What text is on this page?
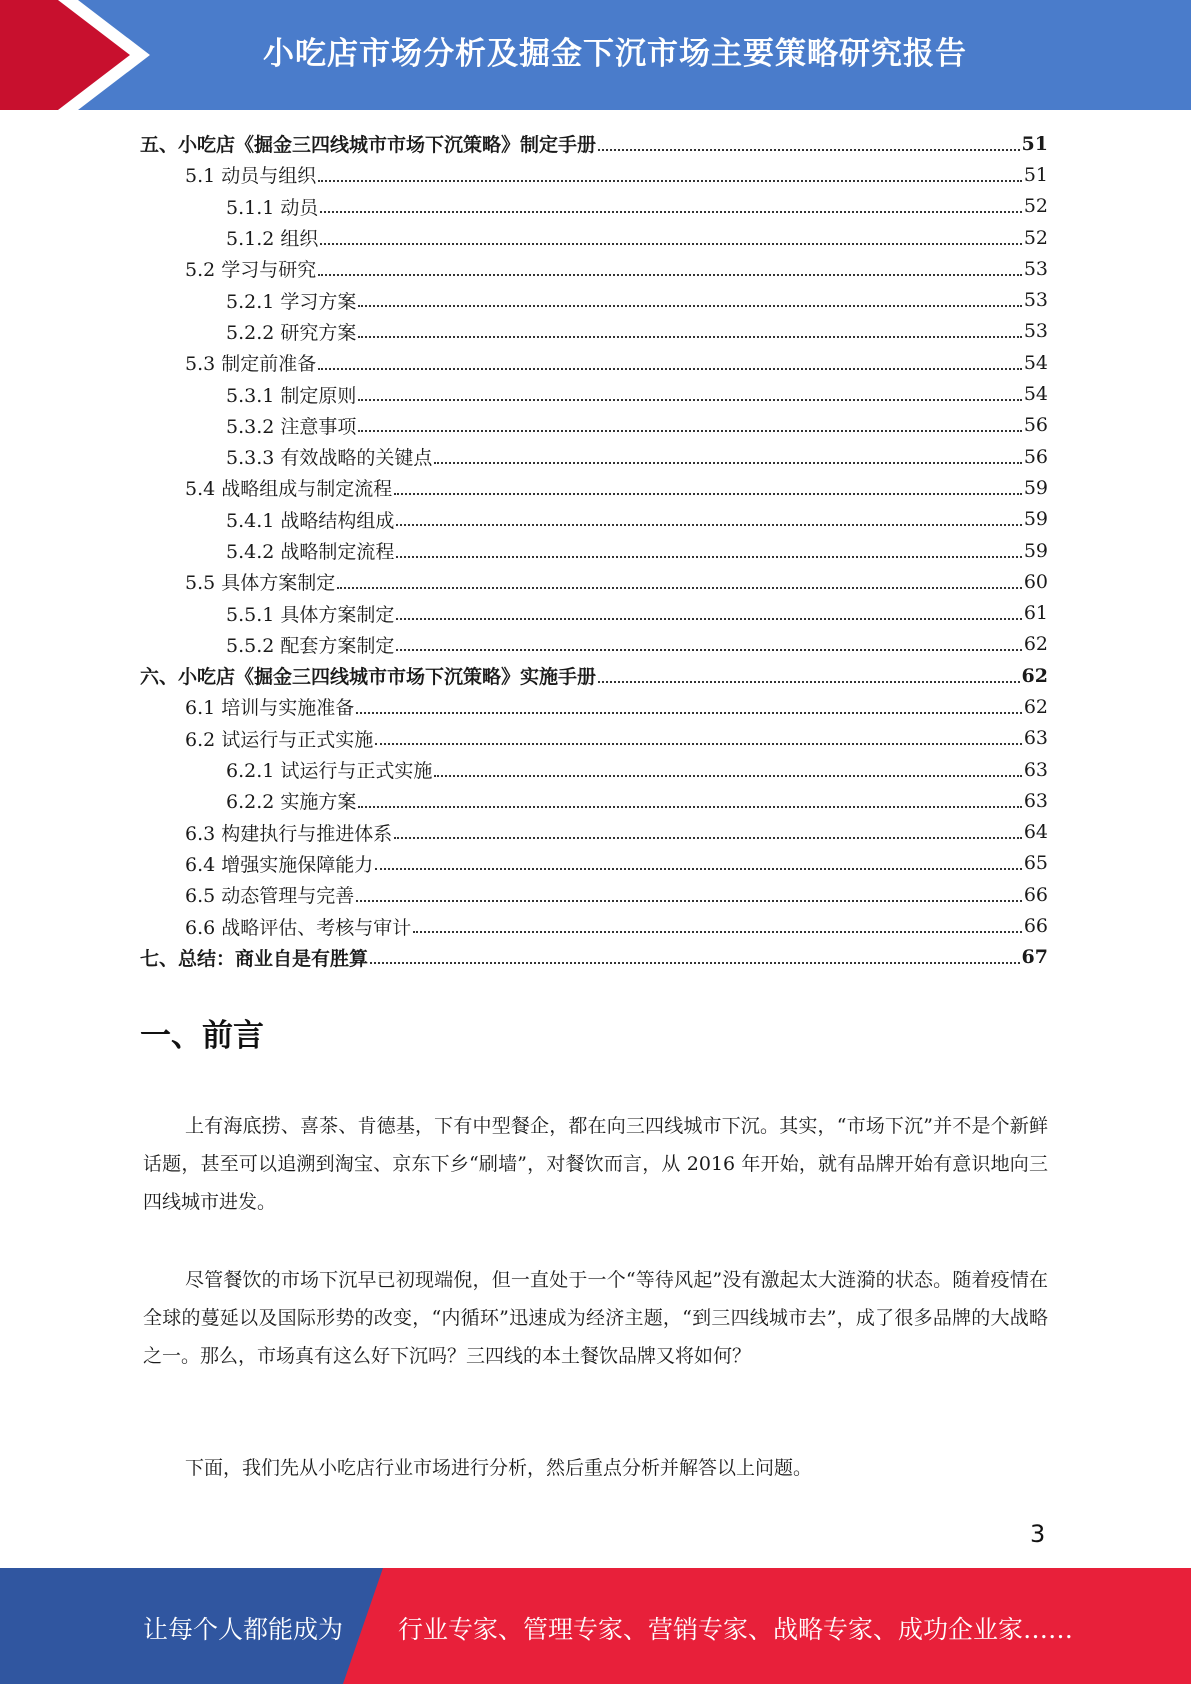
小吃店市场分析及掘金下沉市场主要策略研究报告
五、小吃店《掘金三四线城市市场下沉策略》制定手册	51
5.1 动员与组织	51
5.1.1 动员	52
5.1.2 组织	52
5.2 学习与研究	53
5.2.1 学习方案	53
5.2.2 研究方案	53
5.3 制定前准备	54
5.3.1 制定原则	54
5.3.2 注意事项	56
5.3.3 有效战略的关键点	56
5.4 战略组成与制定流程	59
5.4.1 战略结构组成	59
5.4.2 战略制定流程	59
5.5 具体方案制定	60
5.5.1 具体方案制定	61
5.5.2 配套方案制定	62
六、小吃店《掘金三四线城市市场下沉策略》实施手册	62
6.1 培训与实施准备	62
6.2 试运行与正式实施	63
6.2.1 试运行与正式实施	63
6.2.2 实施方案	63
6.3 构建执行与推进体系	64
6.4 增强实施保障能力	65
6.5 动态管理与完善	66
6.6 战略评估、考核与审计	66
七、总结：商业自是有胜算	67
一、前言

上有海底捞、喜茶、肯德基，下有中型餐企，都在向三四线城市下沉。其实，“市场下沉”并不是个新鲜话题，甚至可以追溯到淘宝、京东下乡“刷墙”，对餐饮而言，从 2016 年开始，就有品牌开始有意识地向三四线城市进发。

尽管餐饮的市场下沉早已初现端倪，但一直处于一个“等待风起”没有激起太大涟漪的状态。随着疫情在全球的蔓延以及国际形势的改变，“内循环”迅速成为经济主题，“到三四线城市去”，成了很多品牌的大战略之一。那么，市场真有这么好下沉吗？三四线的本土餐饮品牌又将如何？

下面，我们先从小吃店行业市场进行分析，然后重点分析并解答以上问题。

3
让每个人都能成为 行业专家、管理专家、营销专家、战略专家、成功企业家……
